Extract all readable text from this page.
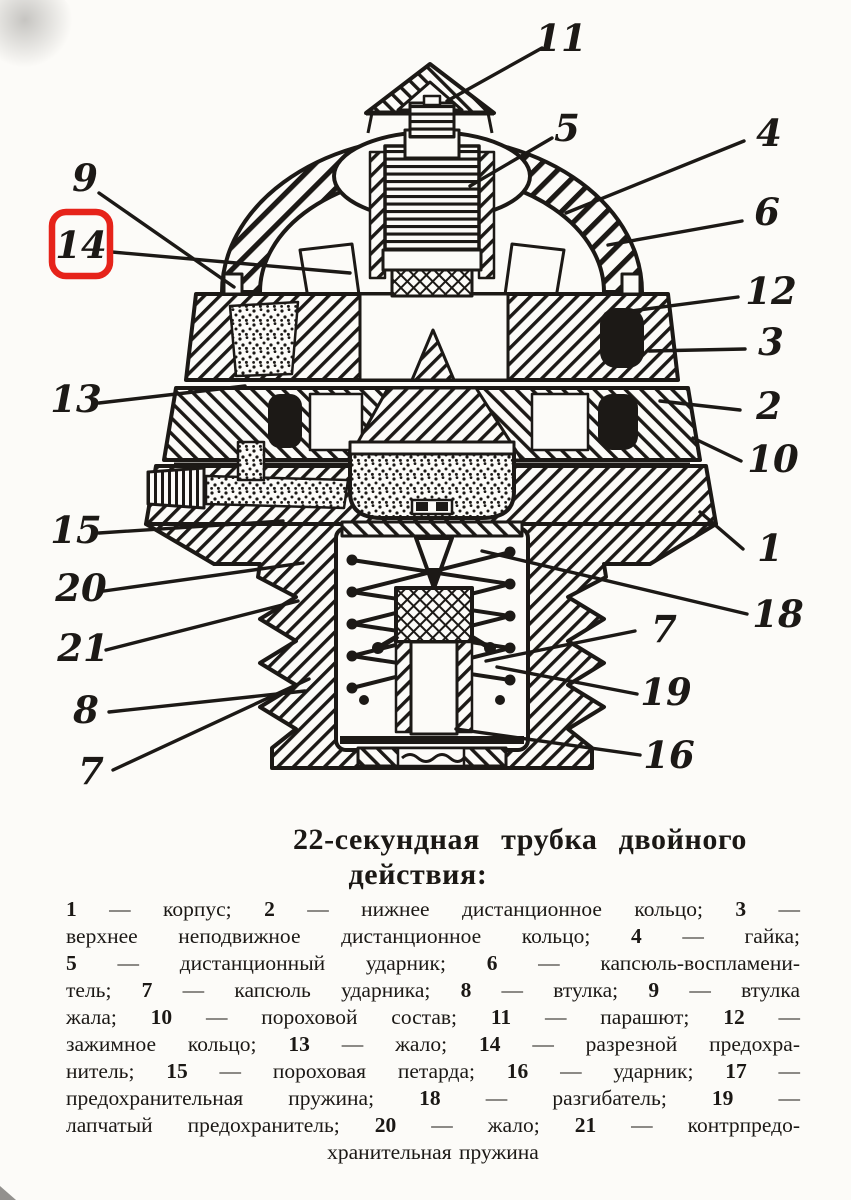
11
5	4
6
12
3
2
10
1
18
7
19
16
9
14
13
15
20
21
8
7
22-секундная трубка двойного
действия:
1 — корпус; 2 — нижнее дистанционное кольцо; 3 —
верхнее неподвижное дистанционное кольцо; 4 — гайка;
5 — дистанционный ударник; 6 — капсюль-воспламени-
тель; 7 — капсюль ударника; 8 — втулка; 9 — втулка
жала; 10 — пороховой состав; 11 — парашют; 12 —
зажимное кольцо; 13 — жало; 14 — разрезной предохра-
нитель; 15 — пороховая петарда; 16 — ударник; 17 —
предохранительная пружина; 18 — разгибатель; 19 —
лапчатый предохранитель; 20 — жало; 21 — контрпредо-
хранительная пружина
